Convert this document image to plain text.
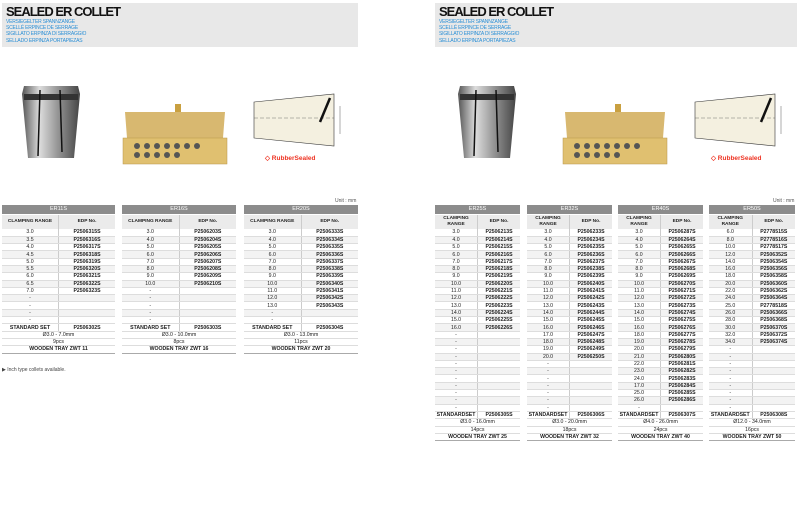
SEALED ER COLLET
VERSIEGELTER SPANNZANGE
SCELLÉ ERPINCE DE SERRAGE
SIGILLATO ERPINZA DI SERRAGGIO
SELLADO ERPINZA PORTAPIEZAS
◇ RubberSealed
Unit : mm
ER11S	
CLAMPING RANGE	EDP No.
3.0	P2506315S
3.5	P2506316S
4.0	P2506317S
4.5	P2506318S
5.0	P2506319S
5.5	P2506320S
6.0	P2506321S
6.5	P2506322S
7.0	P2506323S
-	
-	
-	
-	
STANDARD SET	P2506302S
Ø3.0 - 7.0mm	
9pcs	
WOODEN TRAY ZWT 11	
ER16S	
CLAMPING RANGE	EDP No.
3.0	P2506203S
4.0	P2506204S
5.0	P2506205S
6.0	P2506206S
7.0	P2506207S
8.0	P2506208S
9.0	P2506209S
10.0	P2506210S
-	
-	
-	
-	
-	
STANDARD SET	P2506303S
Ø3.0 - 10.0mm	
8pcs	
WOODEN TRAY ZWT 16	
ER20S	
CLAMPING RANGE	EDP No.
3.0	P2506333S
4.0	P2506334S
5.0	P2506335S
6.0	P2506336S
7.0	P2506337S
8.0	P2506338S
9.0	P2506339S
10.0	P2506340S
11.0	P2506341S
12.0	P2506342S
13.0	P2506343S
-	
-	
STANDARD SET	P2506304S
Ø3.0 - 13.0mm	
11pcs	
WOODEN TRAY ZWT 20	
▶ Inch type collets available.
SEALED ER COLLET
VERSIEGELTER SPANNZANGE
SCELLÉ ERPINCE DE SERRAGE
SIGILLATO ERPINZA DI SERRAGGIO
SELLADO ERPINZA PORTAPIEZAS
◇ RubberSealed
Unit : mm
ER25S	
CLAMPING RANGE	EDP No.
3.0	P2506213S
4.0	P2506214S
5.0	P2506215S
6.0	P2506216S
7.0	P2506217S
8.0	P2506218S
9.0	P2506219S
10.0	P2506220S
11.0	P2506221S
12.0	P2506222S
13.0	P2506223S
14.0	P2506224S
15.0	P2506225S
16.0	P2506226S
-	
-	
-	
-	
-	
-	
-	
-	
-	
-	
-	
STANDARDSET	P2506305S
Ø3.0 - 16.0mm	
14pcs	
WOODEN TRAY ZWT 25	
ER32S	
CLAMPING RANGE	EDP No.
3.0	P2506233S
4.0	P2506234S
5.0	P2506235S
6.0	P2506236S
7.0	P2506237S
8.0	P2506238S
9.0	P2506239S
10.0	P2506240S
11.0	P2506241S
12.0	P2506242S
13.0	P2506243S
14.0	P2506244S
15.0	P2506245S
16.0	P2506246S
17.0	P2506247S
18.0	P2506248S
19.0	P2506249S
20.0	P2506250S
-	
-	
-	
-	
-	
-	
-	
STANDARDSET	P2506306S
Ø3.0 - 20.0mm	
18pcs	
WOODEN TRAY ZWT 32	
ER40S	
CLAMPING RANGE	EDP No.
3.0	P2506287S
4.0	P2506264S
5.0	P2506265S
6.0	P2506266S
7.0	P2506267S
8.0	P2506268S
9.0	P2506269S
10.0	P2506270S
11.0	P2506271S
12.0	P2506272S
13.0	P2506273S
14.0	P2506274S
15.0	P2506275S
16.0	P2506276S
18.0	P2506277S
19.0	P2506278S
20.0	P2506279S
21.0	P2506280S
22.0	P2506281S
23.0	P2506282S
24.0	P2506283S
17.0	P2506284S
25.0	P2506285S
26.0	P2506286S
-	
STANDARDSET	P2506307S
Ø4.0 - 26.0mm	
24pcs	
WOODEN TRAY ZWT 40	
ER50S	
CLAMPING RANGE	EDP No.
6.0	P2778515S
8.0	P2778516S
10.0	P2778517S
12.0	P2506352S
14.0	P2506354S
16.0	P2506356S
18.0	P2506358S
20.0	P2506360S
22.0	P2506362S
24.0	P2506364S
25.0	P2778518S
26.0	P2506366S
28.0	P2506368S
30.0	P2506370S
32.0	P2506372S
34.0	P2506374S
-	
-	
-	
-	
-	
-	
-	
-	
-	
STANDARDSET	P2506308S
Ø12.0 - 34.0mm	
16pcs	
WOODEN TRAY ZWT 50	
